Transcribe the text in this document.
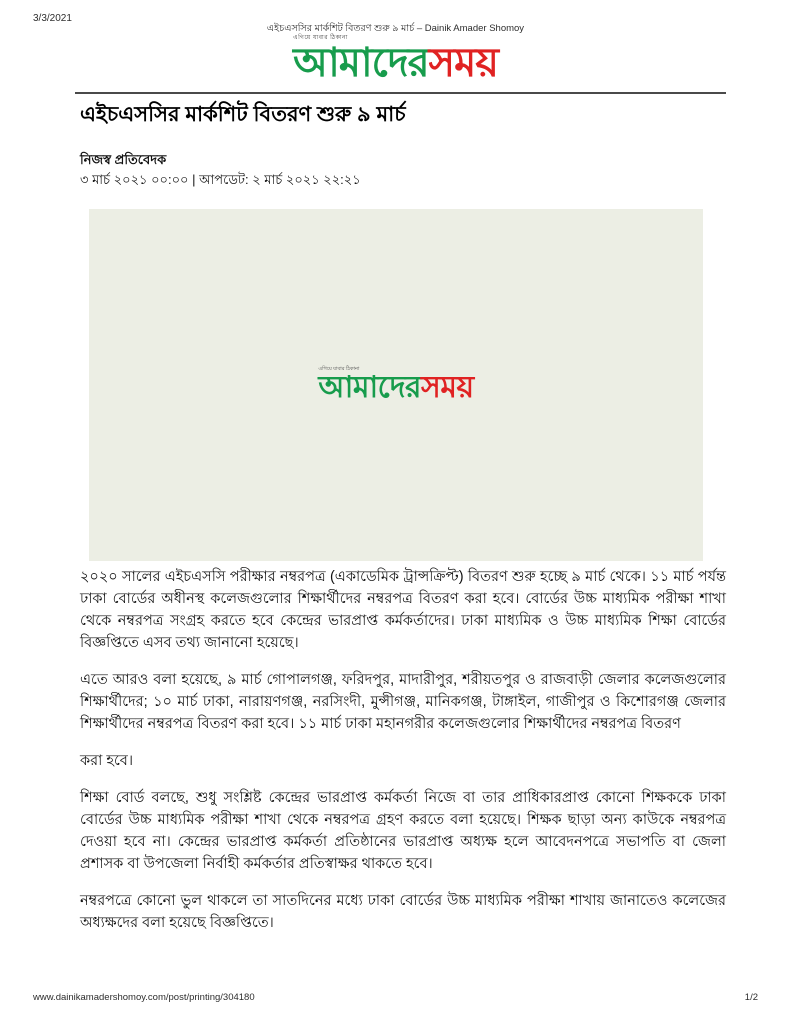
3/3/2021
এইচএসসির মার্কশিট বিতরণ শুরু ৯ মার্চ – Dainik Amader Shomoy
এগিয়ে যাবার ঠিকানা
আমাদেরসময়
এইচএসসির মার্কশিট বিতরণ শুরু ৯ মার্চ
নিজস্ব প্রতিবেদক
৩ মার্চ ২০২১ ০০:০০ | আপডেট: ২ মার্চ ২০২১ ২২:২১
এগিয়ে যাবার ঠিকানা
আমাদেরসময়

২০২০ সালের এইচএসসি পরীক্ষার নম্বরপত্র (একাডেমিক ট্রান্সক্রিপ্ট) বিতরণ শুরু হচ্ছে ৯ মার্চ থেকে। ১১ মার্চ পর্যন্ত ঢাকা বোর্ডের অধীনস্থ কলেজগুলোর শিক্ষার্থীদের নম্বরপত্র বিতরণ করা হবে। বোর্ডের উচ্চ মাধ্যমিক পরীক্ষা শাখা থেকে নম্বরপত্র সংগ্রহ করতে হবে কেন্দ্রের ভারপ্রাপ্ত কর্মকর্তাদের। ঢাকা মাধ্যমিক ও উচ্চ মাধ্যমিক শিক্ষা বোর্ডের বিজ্ঞপ্তিতে এসব তথ্য জানানো হয়েছে।

এতে আরও বলা হয়েছে, ৯ মার্চ গোপালগঞ্জ, ফরিদপুর, মাদারীপুর, শরীয়তপুর ও রাজবাড়ী জেলার কলেজগুলোর শিক্ষার্থীদের; ১০ মার্চ ঢাকা, নারায়ণগঞ্জ, নরসিংদী, মুন্সীগঞ্জ, মানিকগঞ্জ, টাঙ্গাইল, গাজীপুর ও কিশোরগঞ্জ জেলার শিক্ষার্থীদের নম্বরপত্র বিতরণ করা হবে। ১১ মার্চ ঢাকা মহানগরীর কলেজগুলোর শিক্ষার্থীদের নম্বরপত্র বিতরণ

করা হবে।

শিক্ষা বোর্ড বলছে, শুধু সংশ্লিষ্ট কেন্দ্রের ভারপ্রাপ্ত কর্মকর্তা নিজে বা তার প্রাধিকারপ্রাপ্ত কোনো শিক্ষককে ঢাকা বোর্ডের উচ্চ মাধ্যমিক পরীক্ষা শাখা থেকে নম্বরপত্র গ্রহণ করতে বলা হয়েছে। শিক্ষক ছাড়া অন্য কাউকে নম্বরপত্র দেওয়া হবে না। কেন্দ্রের ভারপ্রাপ্ত কর্মকর্তা প্রতিষ্ঠানের ভারপ্রাপ্ত অধ্যক্ষ হলে আবেদনপত্রে সভাপতি বা জেলা প্রশাসক বা উপজেলা নির্বাহী কর্মকর্তার প্রতিস্বাক্ষর থাকতে হবে।

নম্বরপত্রে কোনো ভুল থাকলে তা সাতদিনের মধ্যে ঢাকা বোর্ডের উচ্চ মাধ্যমিক পরীক্ষা শাখায় জানাতেও কলেজের অধ্যক্ষদের বলা হয়েছে বিজ্ঞপ্তিতে।

www.dainikamadershomoy.com/post/printing/304180	1/2
